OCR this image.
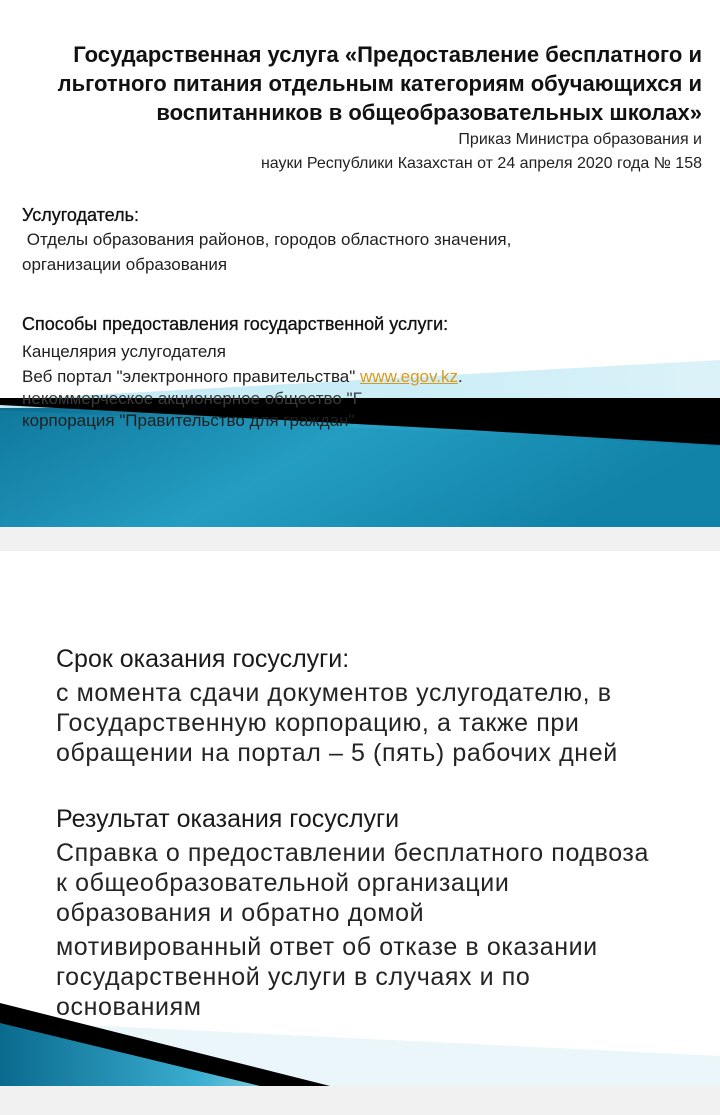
Государственная услуга «Предоставление бесплатного и льготного питания отдельным категориям обучающихся и воспитанников в общеобразовательных школах»
Приказ Министра образования и
науки Республики Казахстан от 24 апреля 2020 года № 158

Услугодатель:

Отделы образования районов, городов областного значения,

организации образования

Способы предоставления государственной услуги:

Канцелярия услугодателя

Веб портал "электронного правительства" www.egov.kz.

некоммерческое акционерное общество "Г

корпорация "Правительство для граждан"

Срок оказания госуслуги:

с момента сдачи документов услугодателю, в

Государственную корпорацию, а также при

обращении на портал – 5 (пять) рабочих дней

Результат оказания госуслуги

Справка о предоставлении бесплатного подвоза

к общеобразовательной организации

образования и обратно домой

мотивированный ответ об отказе в оказании

государственной услуги в случаях и по

основаниям
